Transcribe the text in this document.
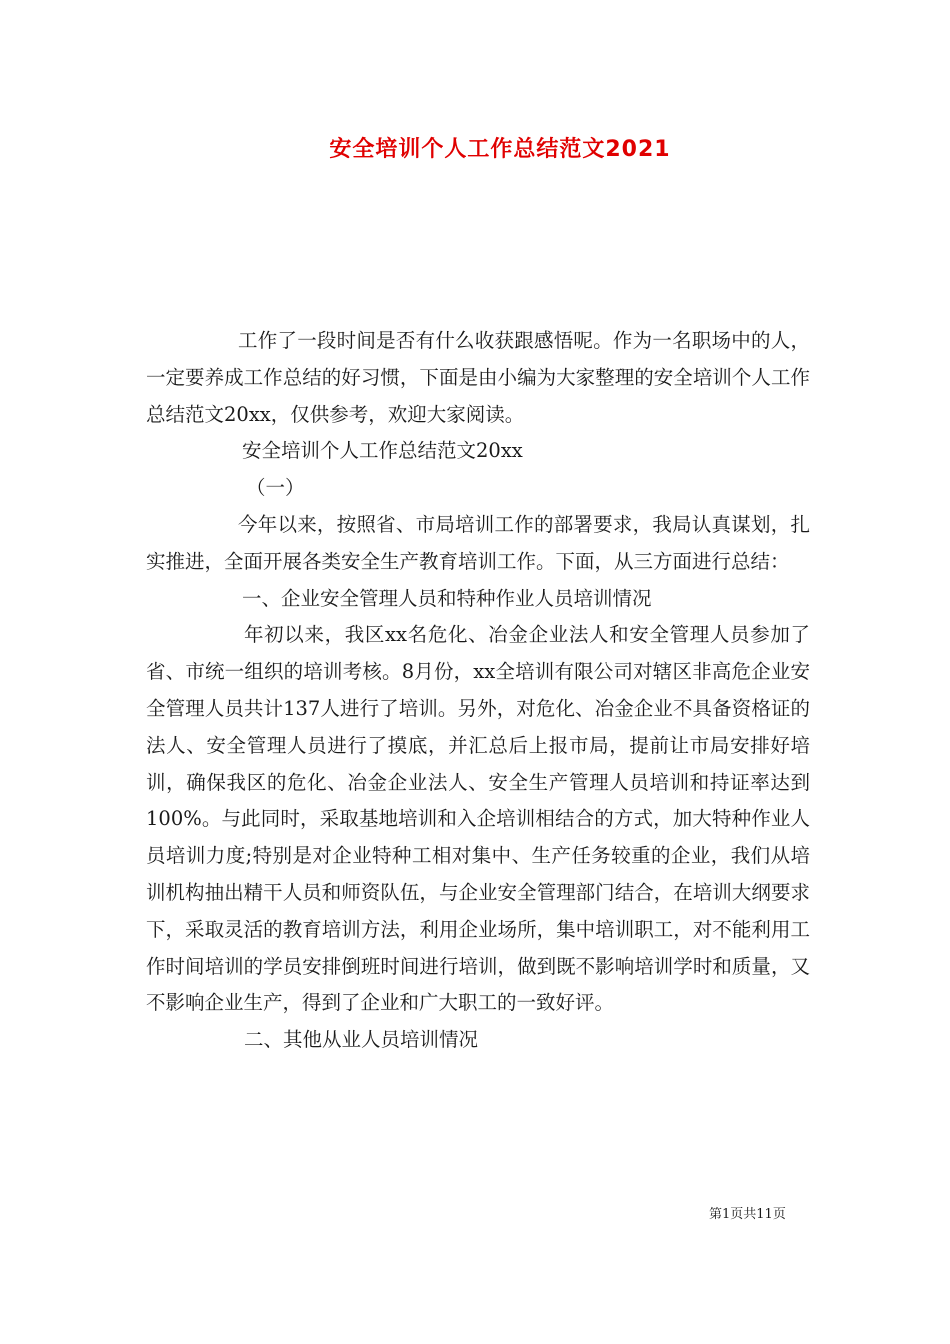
安全培训个人工作总结范文2021

工作了一段时间是否有什么收获跟感悟呢。作为一名职场中的人，一定要养成工作总结的好习惯，下面是由小编为大家整理的安全培训个人工作总结范文20xx，仅供参考，欢迎大家阅读。

安全培训个人工作总结范文20xx

（一）

今年以来，按照省、市局培训工作的部署要求，我局认真谋划，扎实推进，全面开展各类安全生产教育培训工作。下面，从三方面进行总结：

一、企业安全管理人员和特种作业人员培训情况

年初以来，我区xx名危化、冶金企业法人和安全管理人员参加了省、市统一组织的培训考核。8月份，xx全培训有限公司对辖区非高危企业安全管理人员共计137人进行了培训。另外，对危化、冶金企业不具备资格证的法人、安全管理人员进行了摸底，并汇总后上报市局，提前让市局安排好培训，确保我区的危化、冶金企业法人、安全生产管理人员培训和持证率达到100%。与此同时，采取基地培训和入企培训相结合的方式，加大特种作业人员培训力度;特别是对企业特种工相对集中、生产任务较重的企业，我们从培训机构抽出精干人员和师资队伍，与企业安全管理部门结合，在培训大纲要求下，采取灵活的教育培训方法，利用企业场所，集中培训职工，对不能利用工作时间培训的学员安排倒班时间进行培训，做到既不影响培训学时和质量，又不影响企业生产，得到了企业和广大职工的一致好评。

二、其他从业人员培训情况

第1页共11页
